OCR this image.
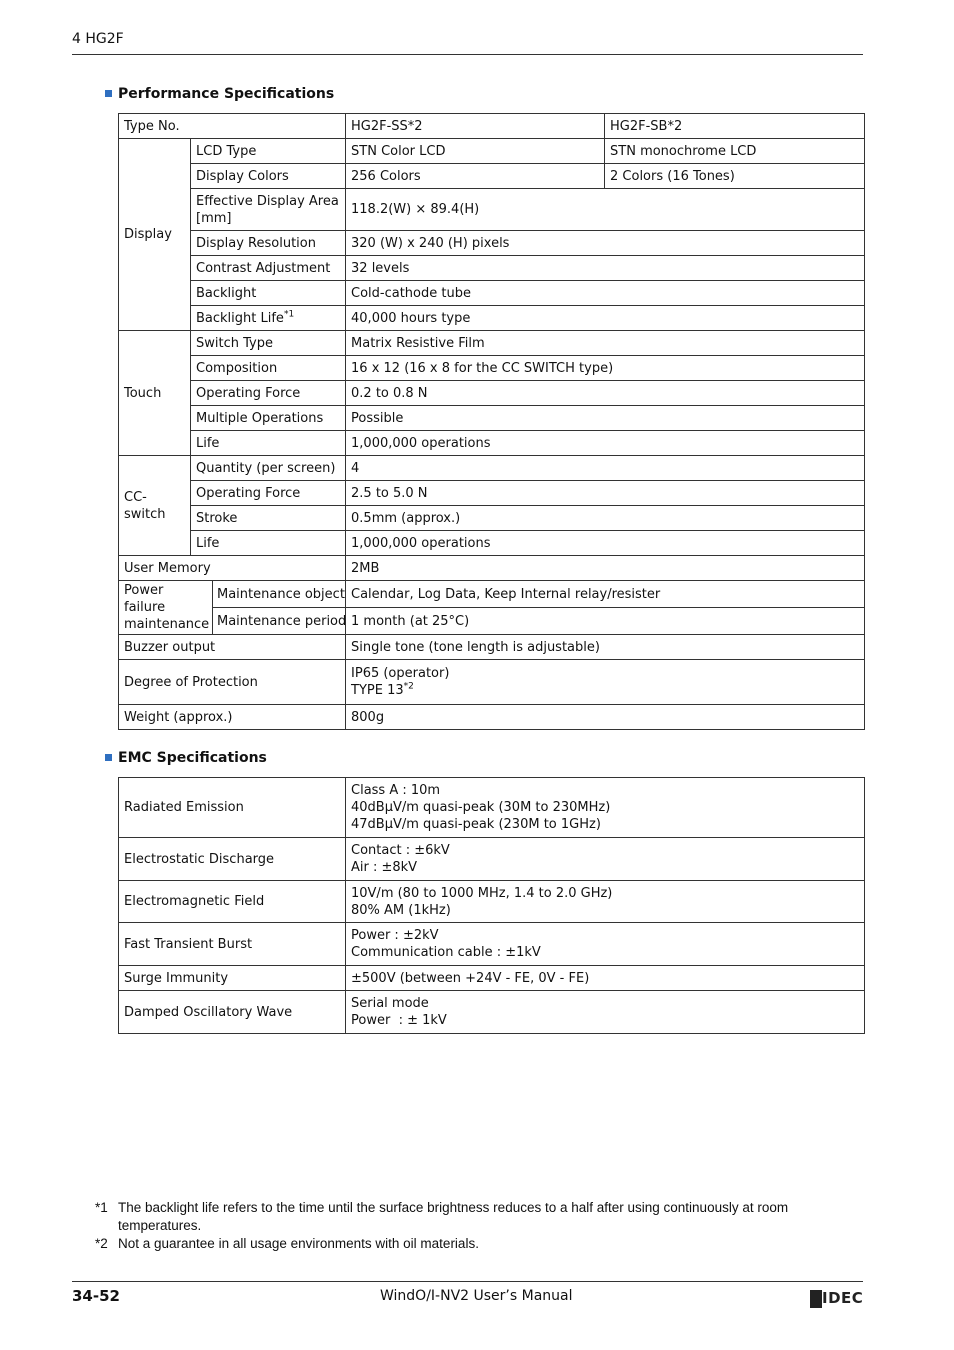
4 HG2F
Performance Specifications
Type No.			HG2F-SS*2	HG2F-SB*2
Display	LCD Type		STN Color LCD	STN monochrome LCD
	Display Colors		256 Colors	2 Colors (16 Tones)
	Effective Display Area [mm]		118.2(W) × 89.4(H)	
	Display Resolution		320 (W) x 240 (H) pixels	
	Contrast Adjustment		32 levels	
	Backlight		Cold-cathode tube	
	Backlight Life$^{*1}$		40,000 hours type	

Touch	Switch Type		Matrix Resistive Film	
	Composition		16 x 12 (16 x 8 for the CC SWITCH type)	
	Operating Force		0.2 to 0.8 N	
	Multiple Operations		Possible	
	Life		1,000,000 operations	
CC-switch	Quantity (per screen)		4	
	Operating Force		2.5 to 5.0 N	
	Stroke		0.5mm (approx.)	
	Life		1,000,000 operations	
User Memory			2MB	
Power failure maintenance		Maintenance object	Calendar, Log Data, Keep Internal relay/resister	
		Maintenance period	1 month (at 25°C)	
Buzzer output			Single tone (tone length is adjustable)	
Degree of Protection			IP65 (operator)
TYPE 13$^{*2}$

Weight (approx.)			800g	
EMC Specifications
Radiated Emission	Class A : 10m
40dBμV/m quasi-peak (30M to 230MHz)
47dBμV/m quasi-peak (230M to 1GHz)

Electrostatic Discharge	Contact : ±6kV
Air : ±8kV

Electromagnetic Field	10V/m (80 to 1000 MHz, 1.4 to 2.0 GHz)
80% AM (1kHz)

Fast Transient Burst	Power : ±2kV
Communication cable : ±1kV

Surge Immunity	±500V (between +24V - FE, 0V - FE)
Damped Oscillatory Wave	Serial mode
Power  : ± 1kV
*1 The backlight life refers to the time until the surface brightness reduces to a half after using continuously at room temperatures.
*2 Not a guarantee in all usage environments with oil materials.
34-52	WindO/I-NV2 User’s Manual	IDEC
